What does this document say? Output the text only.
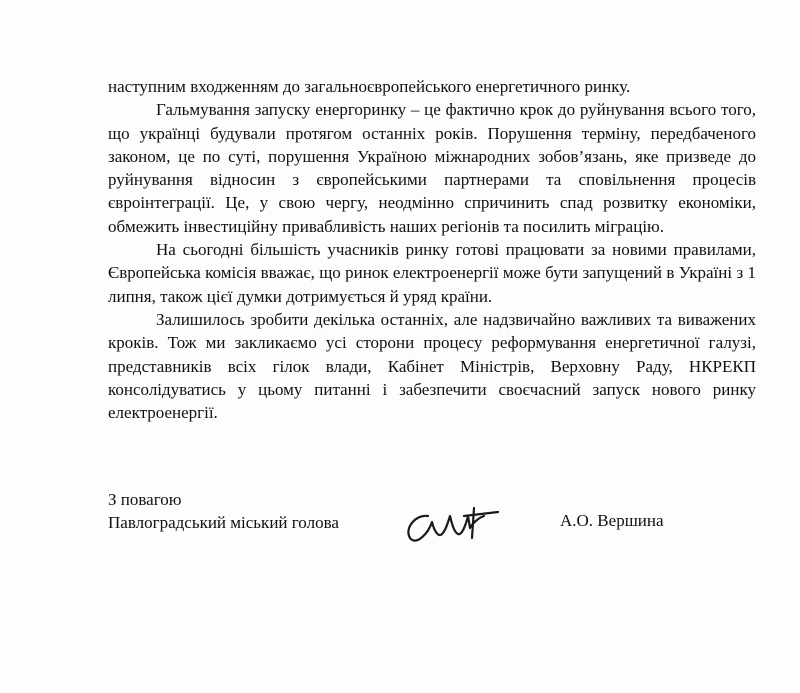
наступним входженням до загальноєвропейського енергетичного ринку.

Гальмування запуску енергоринку – це фактично крок до руйнування всього того, що українці будували протягом останніх років. Порушення терміну, передбаченого законом, це по суті, порушення Україною міжнародних зобов’язань, яке призведе до руйнування відносин з європейськими партнерами та сповільнення процесів євроінтеграції. Це, у свою чергу, неодмінно спричинить спад розвитку економіки, обмежить інвестиційну привабливість наших регіонів та посилить міграцію.

На сьогодні більшість учасників ринку готові працювати за новими правилами, Європейська комісія вважає, що ринок електроенергії може бути запущений в Україні з 1 липня, також цієї думки дотримується й уряд країни.

Залишилось зробити декілька останніх, але надзвичайно важливих та виважених кроків. Тож ми закликаємо усі сторони процесу реформування енергетичної галузі, представників всіх гілок влади, Кабінет Міністрів, Верховну Раду, НКРЕКП консолідуватись у цьому питанні і забезпечити своєчасний запуск нового ринку електроенергії.

З повагою
Павлоградський міський голова	А.О. Вершина
